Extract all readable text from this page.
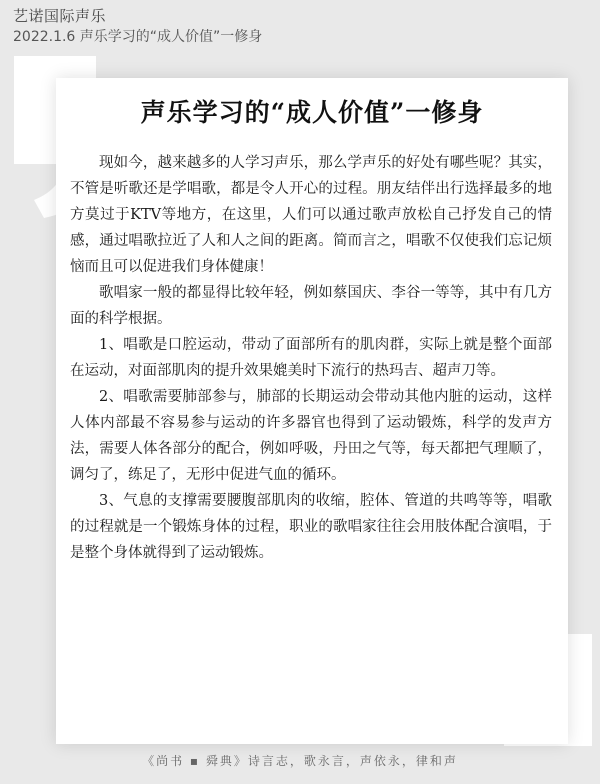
艺诺国际声乐
2022.1.6 声乐学习的“成人价值”一修身
声乐学习的“成人价值”一修身

现如今，越来越多的人学习声乐，那么学声乐的好处有哪些呢？其实，不管是听歌还是学唱歌，都是令人开心的过程。朋友结伴出行选择最多的地方莫过于KTV等地方，在这里，人们可以通过歌声放松自己抒发自己的情感，通过唱歌拉近了人和人之间的距离。简而言之，唱歌不仅使我们忘记烦恼而且可以促进我们身体健康！

歌唱家一般的都显得比较年轻，例如蔡国庆、李谷一等等，其中有几方面的科学根据。

1、唱歌是口腔运动，带动了面部所有的肌肉群，实际上就是整个面部在运动，对面部肌肉的提升效果媲美时下流行的热玛吉、超声刀等。

2、唱歌需要肺部参与，肺部的长期运动会带动其他内脏的运动，这样人体内部最不容易参与运动的许多器官也得到了运动锻炼，科学的发声方法，需要人体各部分的配合，例如呼吸，丹田之气等，每天都把气理顺了，调匀了，练足了，无形中促进气血的循环。

3、气息的支撑需要腰腹部肌肉的收缩，腔体、管道的共鸣等等，唱歌的过程就是一个锻炼身体的过程，职业的歌唱家往往会用肢体配合演唱，于是整个身体就得到了运动锻炼。

《尚书 ▪ 舜典》诗言志，歌永言，声依永，律和声
